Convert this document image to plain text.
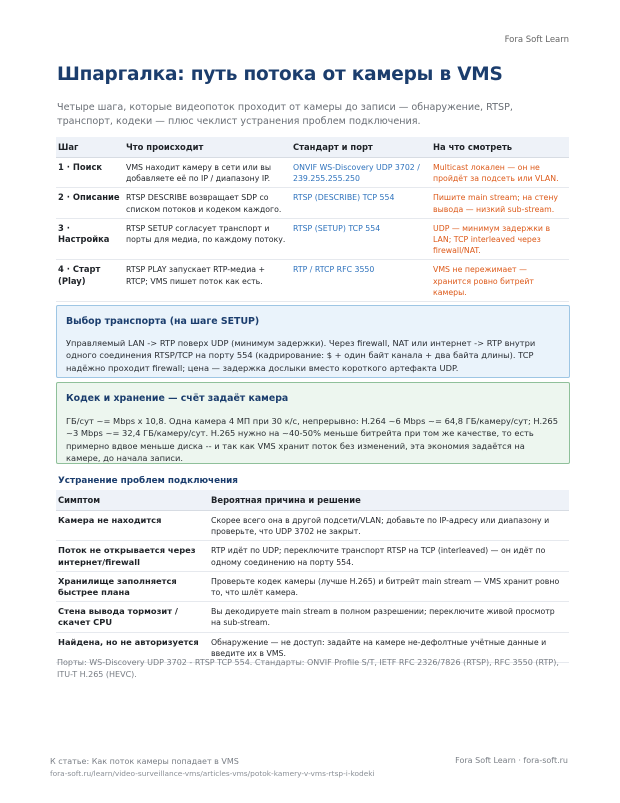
Fora Soft Learn
Шпаргалка: путь потока от камеры в VMS

Четыре шага, которые видеопоток проходит от камеры до записи — обнаружение, RTSP, транспорт, кодеки — плюс чеклист устранения проблем подключения.

Шаг	Что происходит	Стандарт и порт	На что смотреть
1 · Поиск	VMS находит камеру в сети или вы добавляете её по IP / диапазону IP.	ONVIF WS-Discovery UDP 3702 / 239.255.255.250	Multicast локален — он не пройдёт за подсеть или VLAN.
2 · Описание	RTSP DESCRIBE возвращает SDP со списком потоков и кодеком каждого.	RTSP (DESCRIBE) TCP 554	Пишите main stream; на стену вывода — низкий sub-stream.
3 · Настройка	RTSP SETUP согласует транспорт и порты для медиа, по каждому потоку.	RTSP (SETUP) TCP 554	UDP — минимум задержки в LAN; TCP interleaved через firewall/NAT.
4 · Старт (Play)	RTSP PLAY запускает RTP-медиа + RTCP; VMS пишет поток как есть.	RTP / RTCP RFC 3550	VMS не пережимает — хранится ровно битрейт камеры.
Выбор транспорта (на шаге SETUP)

Управляемый LAN -> RTP поверх UDP (минимум задержки). Через firewall, NAT или интернет -> RTP внутри одного соединения RTSP/TCP на порту 554 (кадрирование: $ + один байт канала + два байта длины). TCP надёжно проходит firewall; цена — задержка дослыки вместо короткого артефакта UDP.

Кодек и хранение — счёт задаёт камера

ГБ/сут ~= Mbps x 10,8. Одна камера 4 МП при 30 к/с, непрерывно: H.264 ~6 Mbps ~= 64,8 ГБ/камеру/сут; H.265 ~3 Mbps ~= 32,4 ГБ/камеру/сут. H.265 нужно на ~40-50% меньше битрейта при том же качестве, то есть примерно вдвое меньше диска -- и так как VMS хранит поток без изменений, эта экономия задаётся на камере, до начала записи.

Устранение проблем подключения
Симптом	Вероятная причина и решение
Камера не находится	Скорее всего она в другой подсети/VLAN; добавьте по IP-адресу или диапазону и проверьте, что UDP 3702 не закрыт.
Поток не открывается через интернет/firewall	RTP идёт по UDP; переключите транспорт RTSP на TCP (interleaved) — он идёт по одному соединению на порту 554.
Хранилище заполняется быстрее плана	Проверьте кодек камеры (лучше H.265) и битрейт main stream — VMS хранит ровно то, что шлёт камера.
Стена вывода тормозит / скачет CPU	Вы декодируете main stream в полном разрешении; переключите живой просмотр на sub-stream.
Найдена, но не авторизуется	Обнаружение — не доступ: задайте на камере не-дефолтные учётные данные и введите их в VMS.

Порты: WS-Discovery UDP 3702 - RTSP TCP 554. Стандарты: ONVIF Profile S/T, IETF RFC 2326/7826 (RTSP), RFC 3550 (RTP), ITU-T H.265 (HEVC).

К статье: Как поток камеры попадает в VMS
fora-soft.ru/learn/video-surveillance-vms/articles-vms/potok-kamery-v-vms-rtsp-i-kodeki
Fora Soft Learn · fora-soft.ru
